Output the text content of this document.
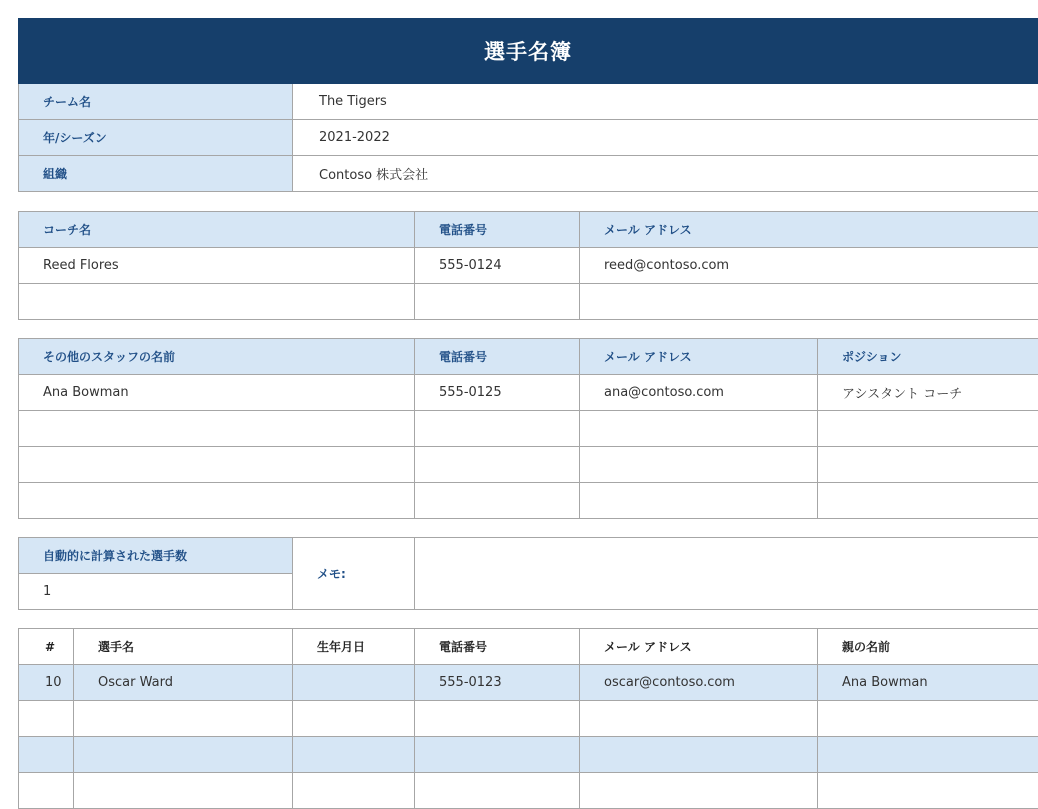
選手名簿
チーム名	The Tigers
年/シーズン	2021-2022
組織	Contoso 株式会社
コーチ名	電話番号	メール アドレス
Reed Flores	555-0124	reed@contoso.com

その他のスタッフの名前	電話番号	メール アドレス	ポジション
Ana Bowman	555-0125	ana@contoso.com	アシスタント コーチ

自動的に計算された選手数	メモ:	
1
#	選手名	生年月日	電話番号	メール アドレス	親の名前
10	Oscar Ward		555-0123	oscar@contoso.com	Ana Bowman
